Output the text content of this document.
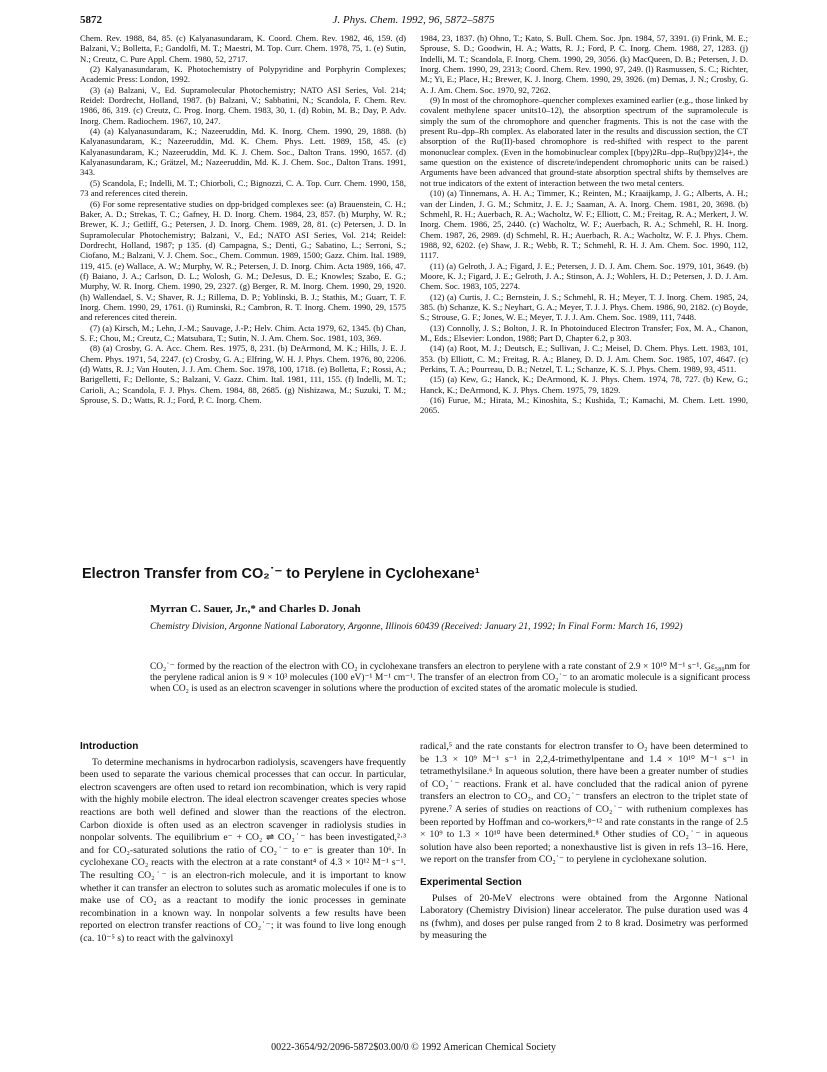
5872	J. Phys. Chem. 1992, 96, 5872–5875

Chem. Rev. 1988, 84, 85. (c) Kalyanasundaram, K. Coord. Chem. Rev. 1982, 46, 159. (d) Balzani, V.; Bolletta, F.; Gandolfi, M. T.; Maestri, M. Top. Curr. Chem. 1978, 75, 1. (e) Sutin, N.; Creutz, C. Pure Appl. Chem. 1980, 52, 2717.

(2) Kalyanasundaram, K. Photochemistry of Polypyridine and Porphyrin Complexes; Academic Press: London, 1992.

(3) (a) Balzani, V., Ed. Supramolecular Photochemistry; NATO ASI Series, Vol. 214; Reidel: Dordrecht, Holland, 1987. (b) Balzani, V.; Sabbatini, N.; Scandola, F. Chem. Rev. 1986, 86, 319. (c) Creutz, C. Prog. Inorg. Chem. 1983, 30, 1. (d) Robin, M. B.; Day, P. Adv. Inorg. Chem. Radiochem. 1967, 10, 247.

(4) (a) Kalyanasundaram, K.; Nazeeruddin, Md. K. Inorg. Chem. 1990, 29, 1888. (b) Kalyanasundaram, K.; Nazeeruddin, Md. K. Chem. Phys. Lett. 1989, 158, 45. (c) Kalyanasundaram, K.; Nazeeruddin, Md. K. J. Chem. Soc., Dalton Trans. 1990, 1657. (d) Kalyanasundaram, K.; Grätzel, M.; Nazeeruddin, Md. K. J. Chem. Soc., Dalton Trans. 1991, 343.

(5) Scandola, F.; Indelli, M. T.; Chiorboli, C.; Bignozzi, C. A. Top. Curr. Chem. 1990, 158, 73 and references cited therein.

(6) For some representative studies on dpp-bridged complexes see: (a) Brauenstein, C. H.; Baker, A. D.; Strekas, T. C.; Gafney, H. D. Inorg. Chem. 1984, 23, 857. (b) Murphy, W. R.; Brewer, K. J.; Getliff, G.; Petersen, J. D. Inorg. Chem. 1989, 28, 81. (c) Petersen, J. D. In Supramolecular Photochemistry; Balzani, V., Ed.; NATO ASI Series, Vol. 214; Reidel: Dordrecht, Holland, 1987; p 135. (d) Campagna, S.; Denti, G.; Sabatino, L.; Serroni, S.; Ciofano, M.; Balzani, V. J. Chem. Soc., Chem. Commun. 1989, 1500; Gazz. Chim. Ital. 1989, 119, 415. (e) Wallace, A. W.; Murphy, W. R.; Petersen, J. D. Inorg. Chim. Acta 1989, 166, 47. (f) Baiano, J. A.; Carlson, D. L.; Wolosh, G. M.; DeJesus, D. E.; Knowles; Szabo, E. G.; Murphy, W. R. Inorg. Chem. 1990, 29, 2327. (g) Berger, R. M. Inorg. Chem. 1990, 29, 1920. (h) Wallendael, S. V.; Shaver, R. J.; Rillema, D. P.; Yoblinski, B. J.; Stathis, M.; Guarr, T. F. Inorg. Chem. 1990, 29, 1761. (i) Ruminski, R.; Cambron, R. T. Inorg. Chem. 1990, 29, 1575 and references cited therein.

(7) (a) Kirsch, M.; Lehn, J.-M.; Sauvage, J.-P.; Helv. Chim. Acta 1979, 62, 1345. (b) Chan, S. F.; Chou, M.; Creutz, C.; Matsubara, T.; Sutin, N. J. Am. Chem. Soc. 1981, 103, 369.

(8) (a) Crosby, G. A. Acc. Chem. Res. 1975, 8, 231. (b) DeArmond, M. K.; Hills, J. E. J. Chem. Phys. 1971, 54, 2247. (c) Crosby, G. A.; Elfring, W. H. J. Phys. Chem. 1976, 80, 2206. (d) Watts, R. J.; Van Houten, J. J. Am. Chem. Soc. 1978, 100, 1718. (e) Bolletta, F.; Rossi, A.; Barigelletti, F.; Dellonte, S.; Balzani, V. Gazz. Chim. Ital. 1981, 111, 155. (f) Indelli, M. T.; Carioli, A.; Scandola, F. J. Phys. Chem. 1984, 88, 2685. (g) Nishizawa, M.; Suzuki, T. M.; Sprouse, S. D.; Watts, R. J.; Ford, P. C. Inorg. Chem.

1984, 23, 1837. (h) Ohno, T.; Kato, S. Bull. Chem. Soc. Jpn. 1984, 57, 3391. (i) Frink, M. E.; Sprouse, S. D.; Goodwin, H. A.; Watts, R. J.; Ford, P. C. Inorg. Chem. 1988, 27, 1283. (j) Indelli, M. T.; Scandola, F. Inorg. Chem. 1990, 29, 3056. (k) MacQueen, D. B.; Petersen, J. D. Inorg. Chem. 1990, 29, 2313; Coord. Chem. Rev. 1990, 97, 249. (l) Rasmussen, S. C.; Richter, M.; Yi, E.; Place, H.; Brewer, K. J. Inorg. Chem. 1990, 29, 3926. (m) Demas, J. N.; Crosby, G. A. J. Am. Chem. Soc. 1970, 92, 7262.

(9) In most of the chromophore–quencher complexes examined earlier (e.g., those linked by covalent methylene spacer units10–12), the absorption spectrum of the supramolecule is simply the sum of the chromophore and quencher fragments. This is not the case with the present Ru–dpp–Rh complex. As elaborated later in the results and discussion section, the CT absorption of the Ru(II)-based chromophore is red-shifted with respect to the parent mononuclear complex. (Even in the homobinuclear complex [(bpy)2Ru–dpp–Ru(bpy)2]4+, the same question on the existence of discrete/independent chromophoric units can be raised.) Arguments have been advanced that ground-state absorption spectral shifts by themselves are not true indicators of the extent of interaction between the two metal centers.

(10) (a) Tinnemans, A. H. A.; Timmer, K.; Reinten, M.; Kraaijkamp, J. G.; Alberts, A. H.; van der Linden, J. G. M.; Schmitz, J. E. J.; Saaman, A. A. Inorg. Chem. 1981, 20, 3698. (b) Schmehl, R. H.; Auerbach, R. A.; Wacholtz, W. F.; Elliott, C. M.; Freitag, R. A.; Merkert, J. W. Inorg. Chem. 1986, 25, 2440. (c) Wacholtz, W. F.; Auerbach, R. A.; Schmehl, R. H. Inorg. Chem. 1987, 26, 2989. (d) Schmehl, R. H.; Auerbach, R. A.; Wacholtz, W. F. J. Phys. Chem. 1988, 92, 6202. (e) Shaw, J. R.; Webb, R. T.; Schmehl, R. H. J. Am. Chem. Soc. 1990, 112, 1117.

(11) (a) Gelroth, J. A.; Figard, J. E.; Petersen, J. D. J. Am. Chem. Soc. 1979, 101, 3649. (b) Moore, K. J.; Figard, J. E.; Gelroth, J. A.; Stinson, A. J.; Wohlers, H. D.; Petersen, J. D. J. Am. Chem. Soc. 1983, 105, 2274.

(12) (a) Curtis, J. C.; Bernstein, J. S.; Schmehl, R. H.; Meyer, T. J. Inorg. Chem. 1985, 24, 385. (b) Schanze, K. S.; Neyhart, G. A.; Meyer, T. J. J. Phys. Chem. 1986, 90, 2182. (c) Boyde, S.; Strouse, G. F.; Jones, W. E.; Meyer, T. J. J. Am. Chem. Soc. 1989, 111, 7448.

(13) Connolly, J. S.; Bolton, J. R. In Photoinduced Electron Transfer; Fox, M. A., Chanon, M., Eds.; Elsevier: London, 1988; Part D, Chapter 6.2, p 303.

(14) (a) Root, M. J.; Deutsch, E.; Sullivan, J. C.; Meisel, D. Chem. Phys. Lett. 1983, 101, 353. (b) Elliott, C. M.; Freitag, R. A.; Blaney, D. D. J. Am. Chem. Soc. 1985, 107, 4647. (c) Perkins, T. A.; Pourreau, D. B.; Netzel, T. L.; Schanze, K. S. J. Phys. Chem. 1989, 93, 4511.

(15) (a) Kew, G.; Hanck, K.; DeArmond, K. J. Phys. Chem. 1974, 78, 727. (b) Kew, G.; Hanck, K.; DeArmond, K. J. Phys. Chem. 1975, 79, 1829.

(16) Furue, M.; Hirata, M.; Kinoshita, S.; Kushida, T.; Kamachi, M. Chem. Lett. 1990, 2065.

Electron Transfer from CO₂˙⁻ to Perylene in Cyclohexane¹
Myrran C. Sauer, Jr.,* and Charles D. Jonah
Chemistry Division, Argonne National Laboratory, Argonne, Illinois 60439 (Received: January 21, 1992; In Final Form: March 16, 1992)
CO₂˙⁻ formed by the reaction of the electron with CO₂ in cyclohexane transfers an electron to perylene with a rate constant of 2.9 × 10¹⁰ M⁻¹ s⁻¹. Gε₅₈₀nm for the perylene radical anion is 9 × 10³ molecules (100 eV)⁻¹ M⁻¹ cm⁻¹. The transfer of an electron from CO₂˙⁻ to an aromatic molecule is a significant process when CO₂ is used as an electron scavenger in solutions where the production of excited states of the aromatic molecule is studied.
Introduction

To determine mechanisms in hydrocarbon radiolysis, scavengers have frequently been used to separate the various chemical processes that can occur. In particular, electron scavengers are often used to retard ion recombination, which is very rapid with the highly mobile electron. The ideal electron scavenger creates species whose reactions are both well defined and slower than the reactions of the electron. Carbon dioxide is often used as an electron scavenger in radiolysis studies in nonpolar solvents. The equilibrium e⁻ + CO₂ ⇌ CO₂˙⁻ has been investigated,²·³ and for CO₂-saturated solutions the ratio of CO₂˙⁻ to e⁻ is greater than 10⁶. In cyclohexane CO₂ reacts with the electron at a rate constant⁴ of 4.3 × 10¹² M⁻¹ s⁻¹. The resulting CO₂˙⁻ is an electron-rich molecule, and it is important to know whether it can transfer an electron to solutes such as aromatic molecules if one is to make use of CO₂ as a reactant to modify the ionic processes in geminate recombination in a known way. In nonpolar solvents a few results have been reported on electron transfer reactions of CO₂˙⁻; it was found to live long enough (ca. 10⁻⁵ s) to react with the galvinoxyl

radical,⁵ and the rate constants for electron transfer to O₂ have been determined to be 1.3 × 10⁹ M⁻¹ s⁻¹ in 2,2,4-trimethylpentane and 1.4 × 10¹⁰ M⁻¹ s⁻¹ in tetramethylsilane.⁶ In aqueous solution, there have been a greater number of studies of CO₂˙⁻ reactions. Frank et al. have concluded that the radical anion of pyrene transfers an electron to CO₂, and CO₂˙⁻ transfers an electron to the triplet state of pyrene.⁷ A series of studies on reactions of CO₂˙⁻ with ruthenium complexes has been reported by Hoffman and co-workers,⁸⁻¹² and rate constants in the range of 2.5 × 10⁹ to 1.3 × 10¹⁰ have been determined.⁸ Other studies of CO₂˙⁻ in aqueous solution have also been reported; a nonexhaustive list is given in refs 13–16. Here, we report on the transfer from CO₂˙⁻ to perylene in cyclohexane solution.

Experimental Section

Pulses of 20-MeV electrons were obtained from the Argonne National Laboratory (Chemistry Division) linear accelerator. The pulse duration used was 4 ns (fwhm), and doses per pulse ranged from 2 to 8 krad. Dosimetry was performed by measuring the

0022-3654/92/2096-5872$03.00/0 © 1992 American Chemical Society
